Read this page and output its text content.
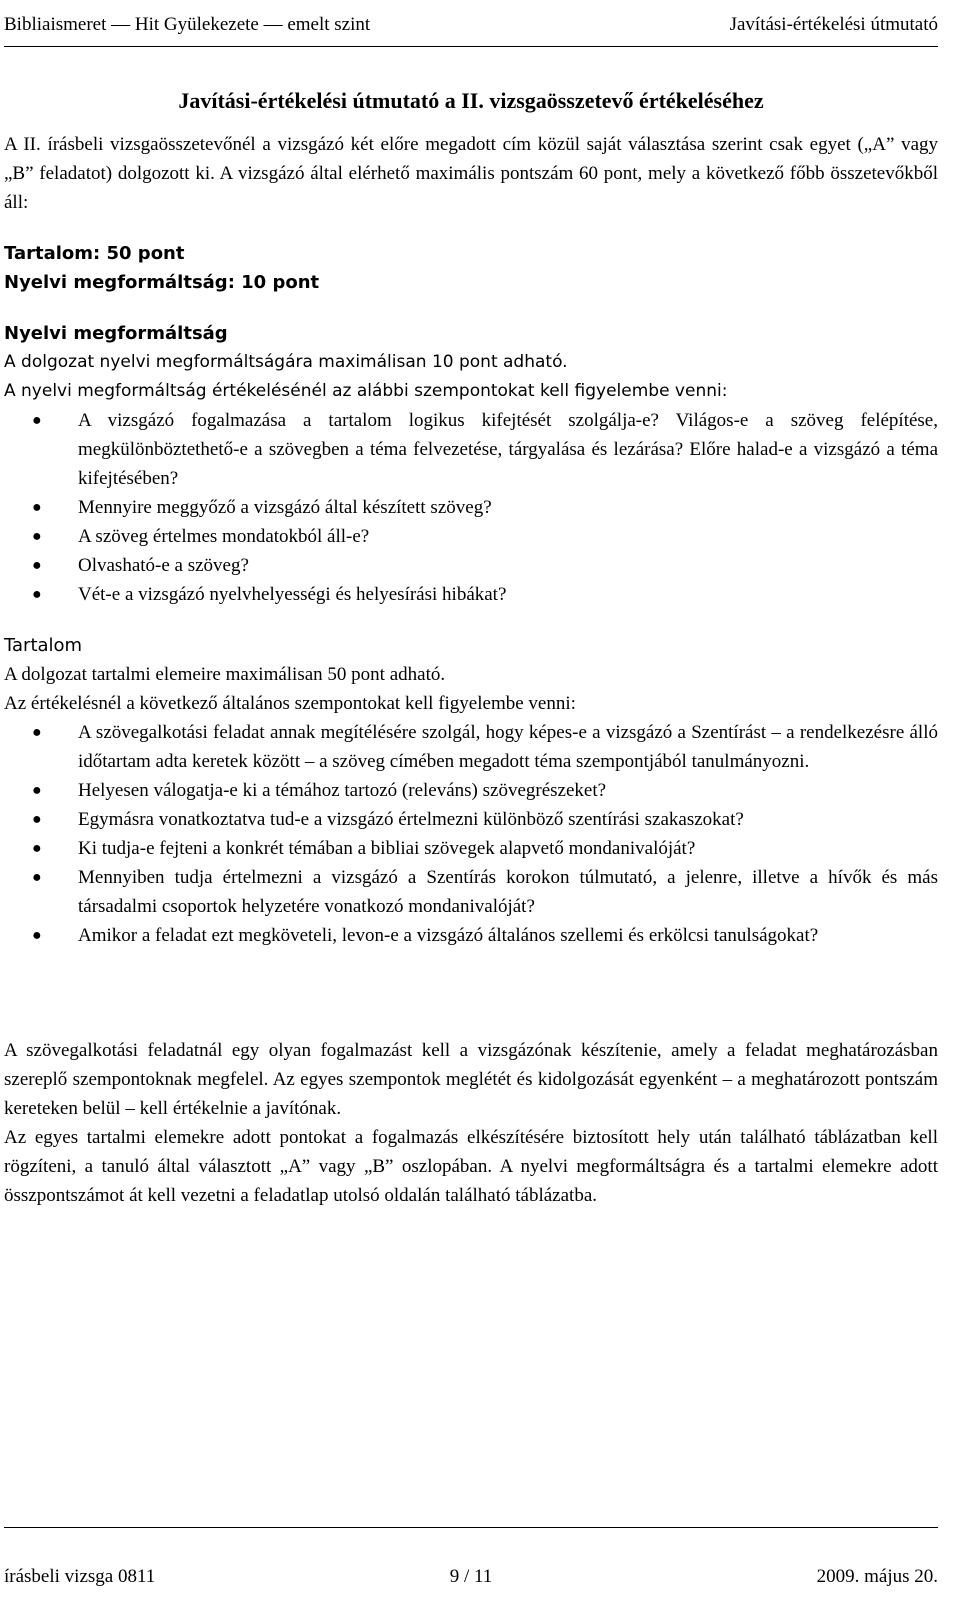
Bibliaismeret — Hit Gyülekezete — emelt szint	Javítási-értékelési útmutató
Javítási-értékelési útmutató a II. vizsgaösszetevő értékeléséhez

A II. írásbeli vizsgaösszetevőnél a vizsgázó két előre megadott cím közül saját választása szerint csak egyet („A” vagy „B” feladatot) dolgozott ki. A vizsgázó által elérhető maximális pontszám 60 pont, mely a következő főbb összetevőkből áll:

Tartalom: 50 pont
Nyelvi megformáltság: 10 pont
Nyelvi megformáltság

A dolgozat nyelvi megformáltságára maximálisan 10 pont adható.

A nyelvi megformáltság értékelésénél az alábbi szempontokat kell figyelembe venni:

● A vizsgázó fogalmazása a tartalom logikus kifejtését szolgálja-e? Világos-e a szöveg felépítése, megkülönböztethető-e a szövegben a téma felvezetése, tárgyalása és lezárása? Előre halad-e a vizsgázó a téma kifejtésében?
● Mennyire meggyőző a vizsgázó által készített szöveg?
● A szöveg értelmes mondatokból áll-e?
● Olvasható-e a szöveg?
● Vét-e a vizsgázó nyelvhelyességi és helyesírási hibákat?
Tartalom

A dolgozat tartalmi elemeire maximálisan 50 pont adható.

Az értékelésnél a következő általános szempontokat kell figyelembe venni:

● A szövegalkotási feladat annak megítélésére szolgál, hogy képes-e a vizsgázó a Szentírást – a rendelkezésre álló időtartam adta keretek között – a szöveg címében megadott téma szempontjából tanulmányozni.
● Helyesen válogatja-e ki a témához tartozó (releváns) szövegrészeket?
● Egymásra vonatkoztatva tud-e a vizsgázó értelmezni különböző szentírási szakaszokat?
● Ki tudja-e fejteni a konkrét témában a bibliai szövegek alapvető mondanivalóját?
● Mennyiben tudja értelmezni a vizsgázó a Szentírás korokon túlmutató, a jelenre, illetve a hívők és más társadalmi csoportok helyzetére vonatkozó mondanivalóját?
● Amikor a feladat ezt megköveteli, levon-e a vizsgázó általános szellemi és erkölcsi tanulságokat?

A szövegalkotási feladatnál egy olyan fogalmazást kell a vizsgázónak készítenie, amely a feladat meghatározásban szereplő szempontoknak megfelel. Az egyes szempontok meglétét és kidolgozását egyenként – a meghatározott pontszám kereteken belül – kell értékelnie a javítónak.

Az egyes tartalmi elemekre adott pontokat a fogalmazás elkészítésére biztosított hely után található táblázatban kell rögzíteni, a tanuló által választott „A” vagy „B” oszlopában. A nyelvi megformáltságra és a tartalmi elemekre adott összpontszámot át kell vezetni a feladatlap utolsó oldalán található táblázatba.

írásbeli vizsga 0811	9 / 11	2009. május 20.
